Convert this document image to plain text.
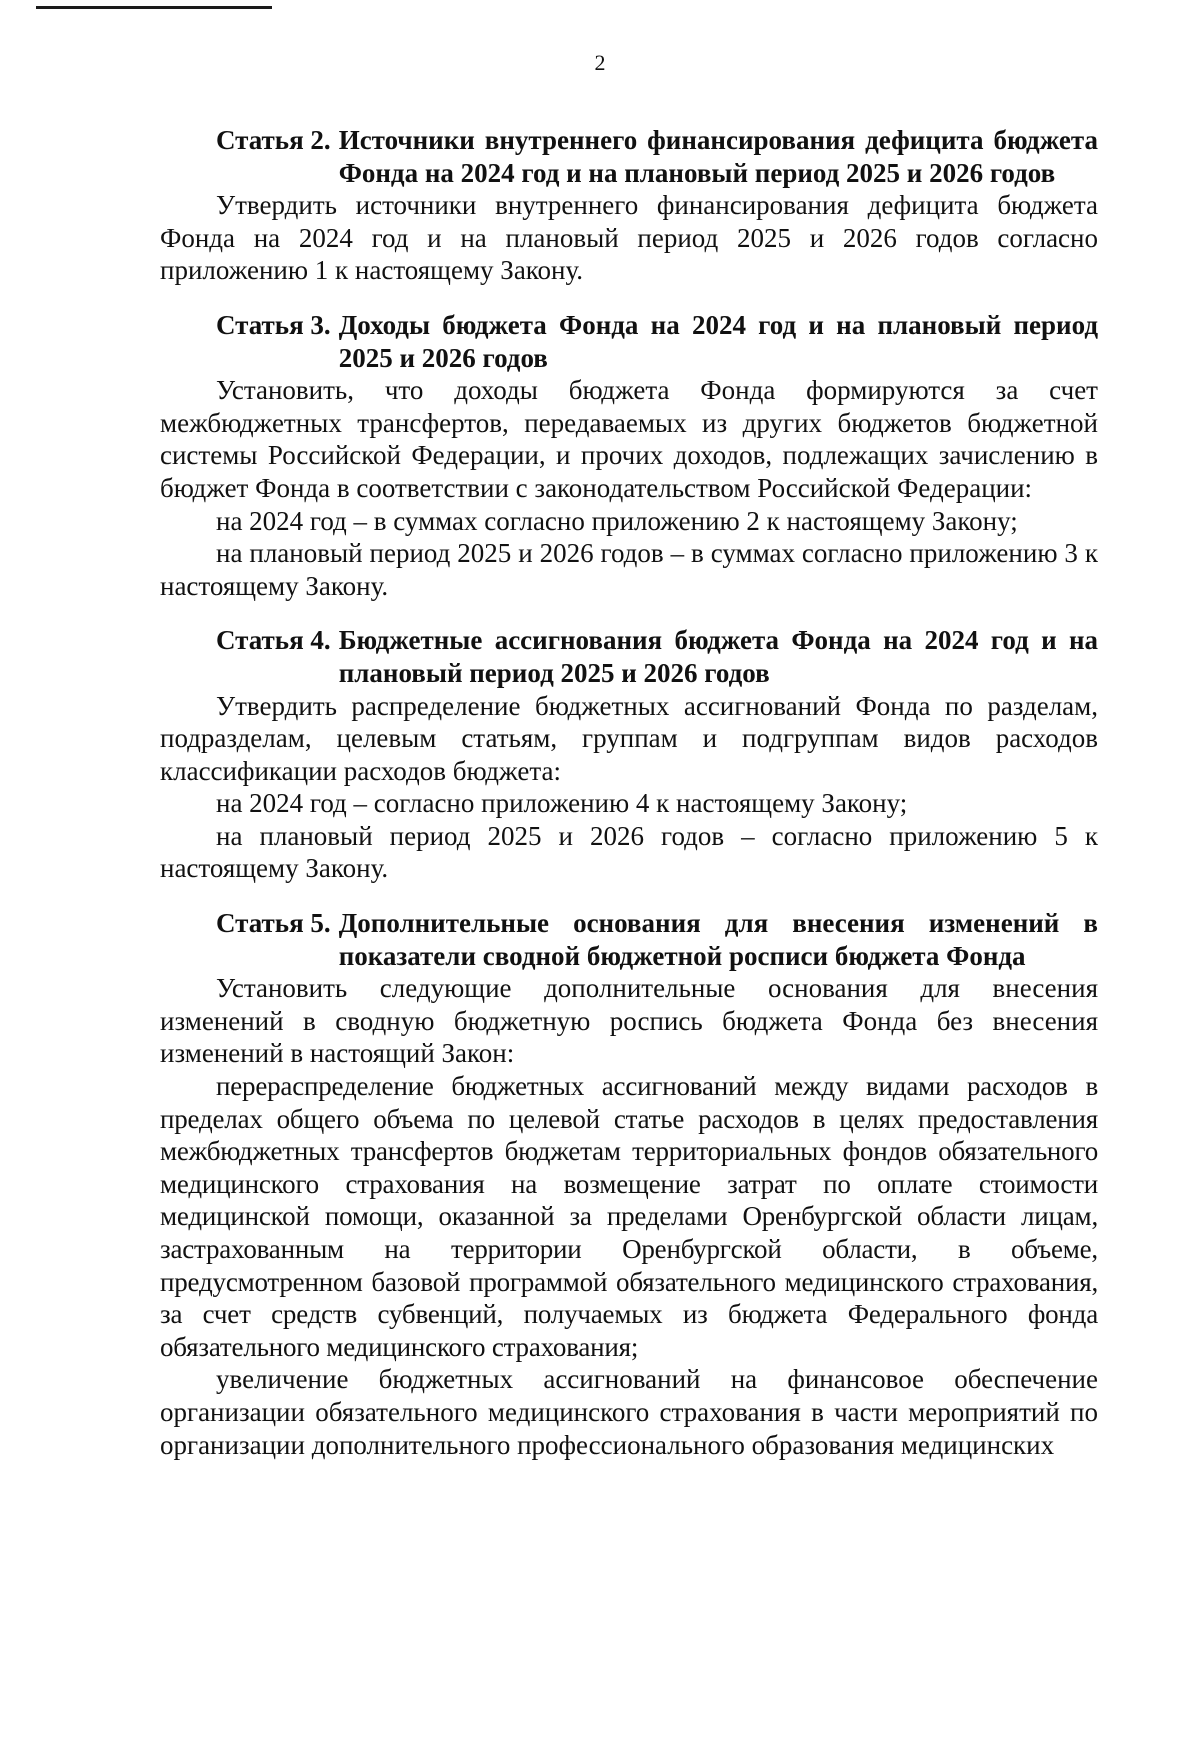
2
Статья 2. Источники внутреннего финансирования дефицита бюджета Фонда на 2024 год и на плановый период 2025 и 2026 годов

Утвердить источники внутреннего финансирования дефицита бюджета Фонда на 2024 год и на плановый период 2025 и 2026 годов согласно приложению 1 к настоящему Закону.

Статья 3. Доходы бюджета Фонда на 2024 год и на плановый период 2025 и 2026 годов

Установить, что доходы бюджета Фонда формируются за счет межбюджетных трансфертов, передаваемых из других бюджетов бюджетной системы Российской Федерации, и прочих доходов, подлежащих зачислению в бюджет Фонда в соответствии с законодательством Российской Федерации:

на 2024 год – в суммах согласно приложению 2 к настоящему Закону;

на плановый период 2025 и 2026 годов – в суммах согласно приложению 3 к настоящему Закону.

Статья 4. Бюджетные ассигнования бюджета Фонда на 2024 год и на плановый период 2025 и 2026 годов

Утвердить распределение бюджетных ассигнований Фонда по разделам, подразделам, целевым статьям, группам и подгруппам видов расходов классификации расходов бюджета:

на 2024 год – согласно приложению 4 к настоящему Закону;

на плановый период 2025 и 2026 годов – согласно приложению 5 к настоящему Закону.

Статья 5. Дополнительные основания для внесения изменений в показатели сводной бюджетной росписи бюджета Фонда

Установить следующие дополнительные основания для внесения изменений в сводную бюджетную роспись бюджета Фонда без внесения изменений в настоящий Закон:

перераспределение бюджетных ассигнований между видами расходов в пределах общего объема по целевой статье расходов в целях предоставления межбюджетных трансфертов бюджетам территориальных фондов обязательного медицинского страхования на возмещение затрат по оплате стоимости медицинской помощи, оказанной за пределами Оренбургской области лицам, застрахованным на территории Оренбургской области, в объеме, предусмотренном базовой программой обязательного медицинского страхования, за счет средств субвенций, получаемых из бюджета Федерального фонда обязательного медицинского страхования;

увеличение бюджетных ассигнований на финансовое обеспечение организации обязательного медицинского страхования в части мероприятий по организации дополнительного профессионального образования медицинских
